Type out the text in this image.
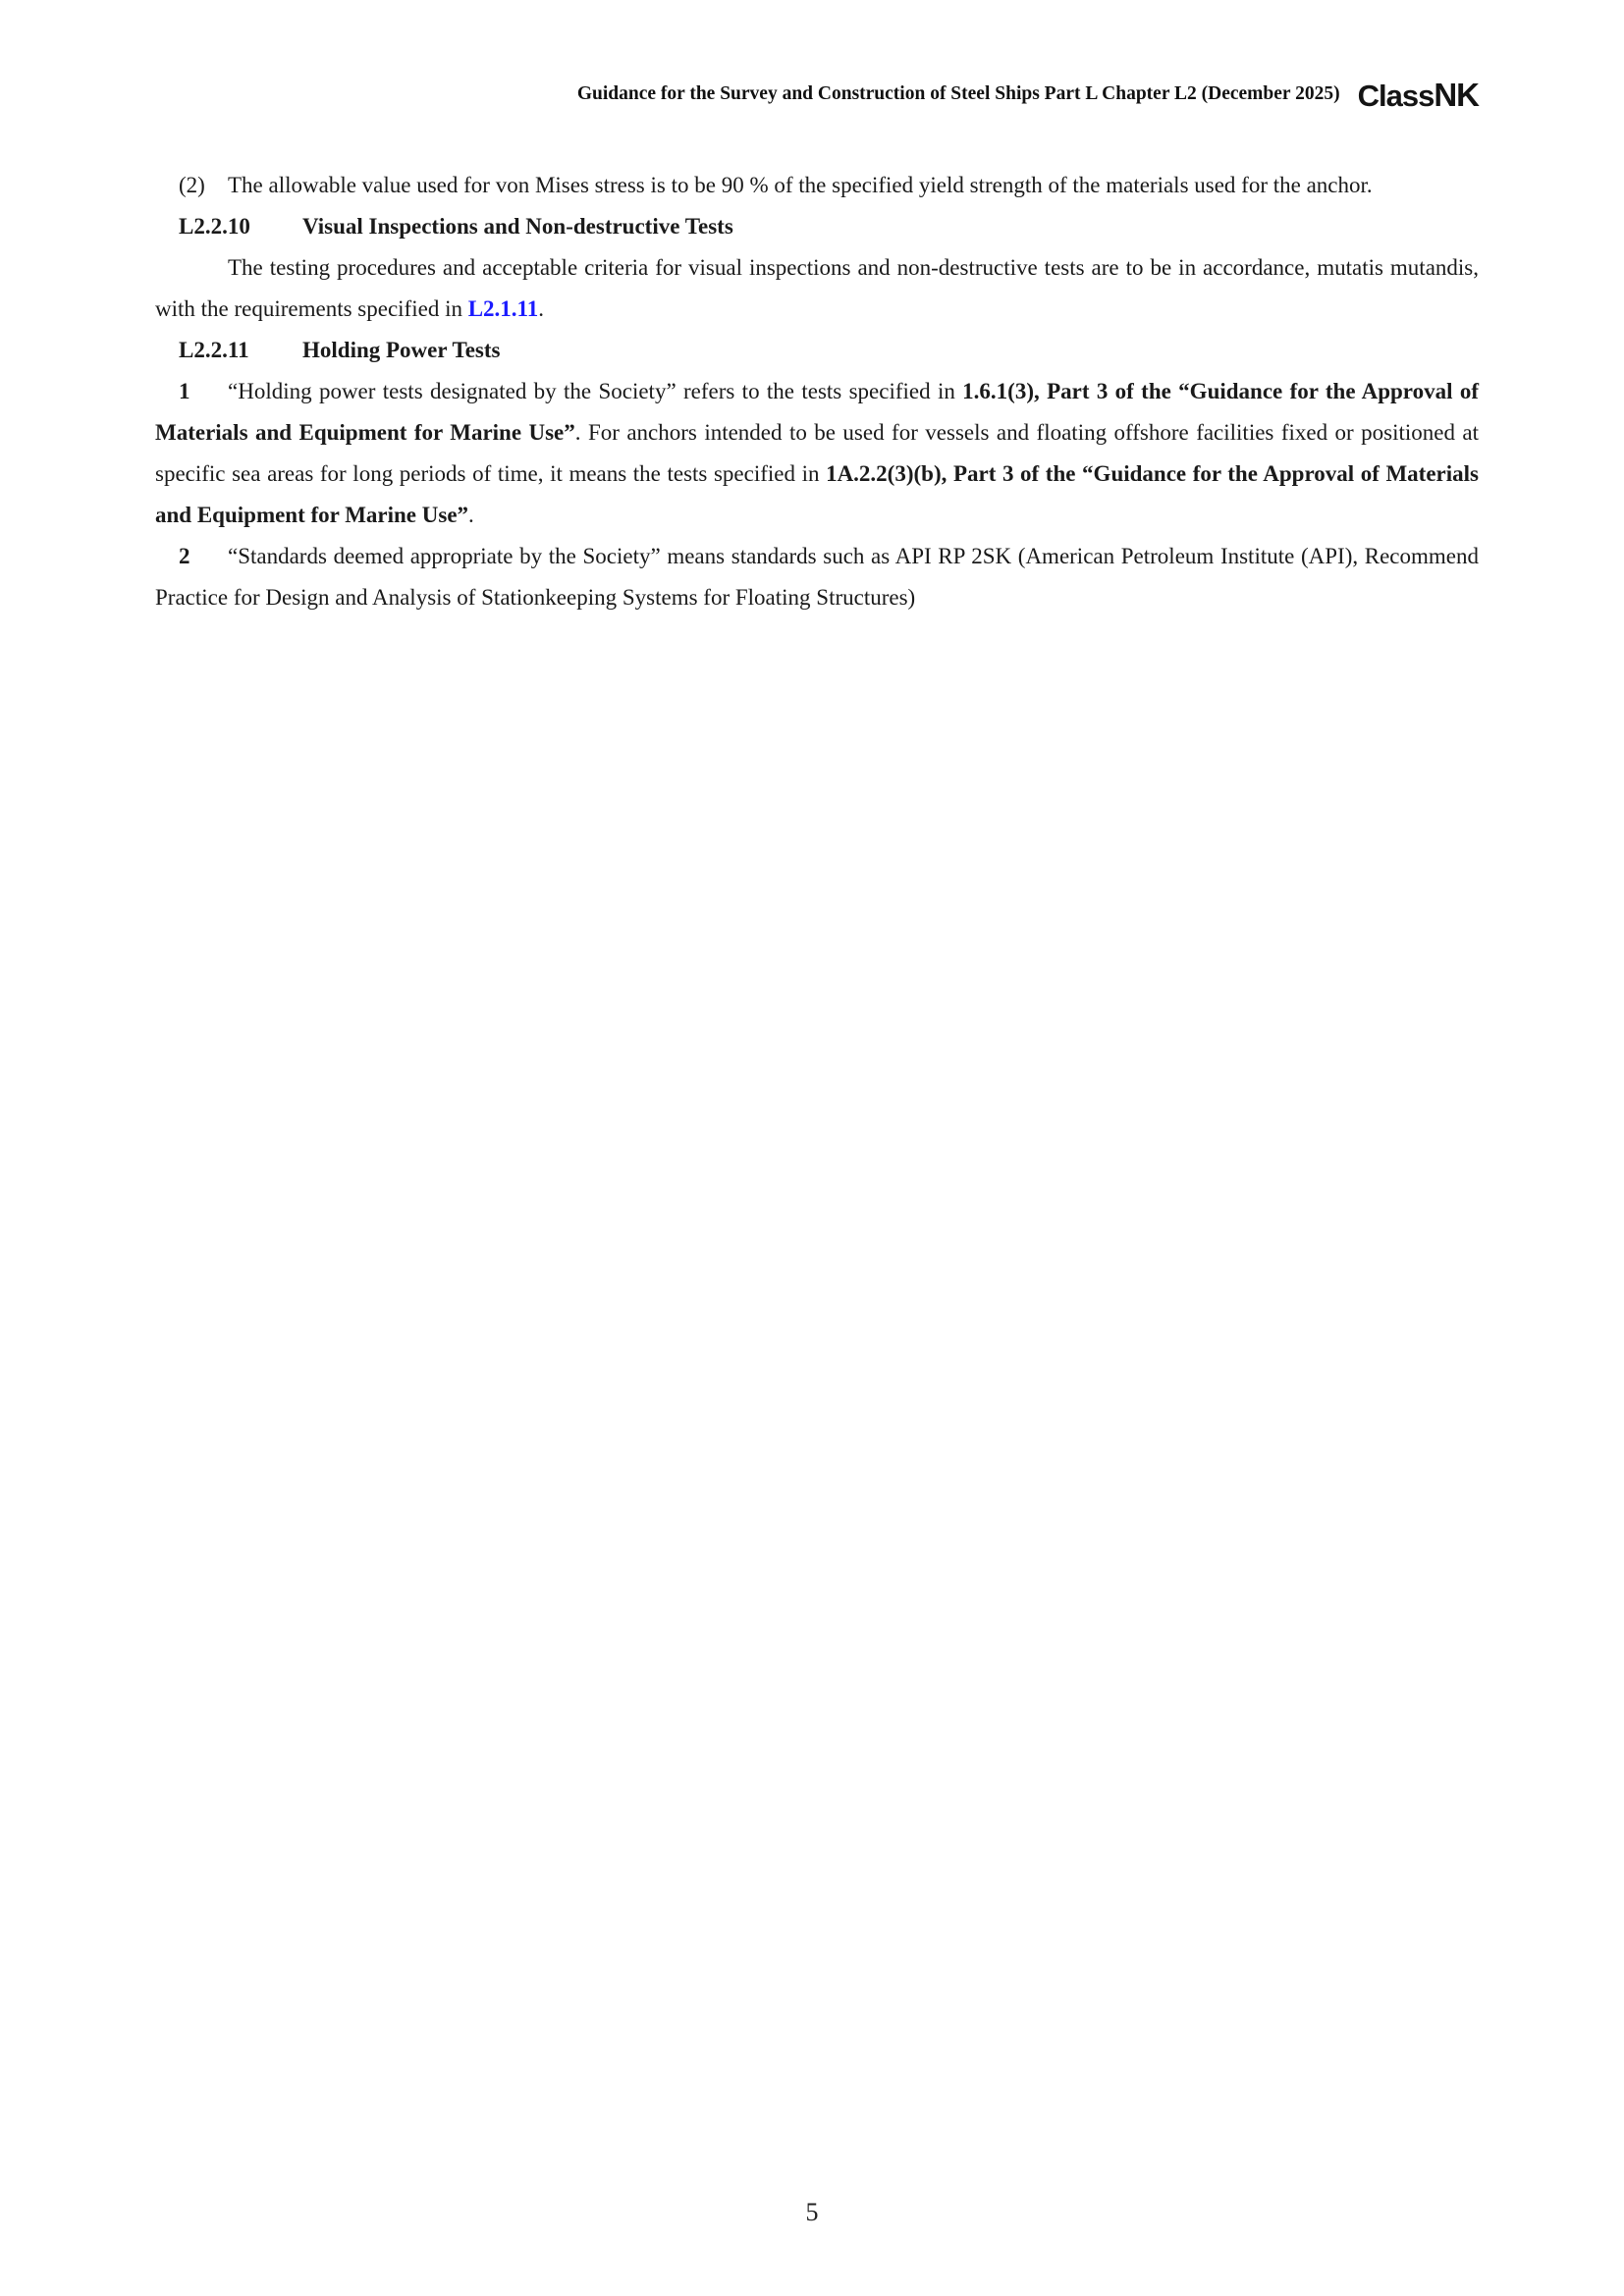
Guidance for the Survey and Construction of Steel Ships Part L Chapter L2 (December 2025) ClassNK

(2) The allowable value used for von Mises stress is to be 90 % of the specified yield strength of the materials used for the anchor.

L2.2.10 Visual Inspections and Non-destructive Tests

The testing procedures and acceptable criteria for visual inspections and non-destructive tests are to be in accordance, mutatis mutandis, with the requirements specified in L2.1.11.

L2.2.11 Holding Power Tests

1 “Holding power tests designated by the Society” refers to the tests specified in 1.6.1(3), Part 3 of the “Guidance for the Approval of Materials and Equipment for Marine Use”. For anchors intended to be used for vessels and floating offshore facilities fixed or positioned at specific sea areas for long periods of time, it means the tests specified in 1A.2.2(3)(b), Part 3 of the “Guidance for the Approval of Materials and Equipment for Marine Use”.

2 “Standards deemed appropriate by the Society” means standards such as API RP 2SK (American Petroleum Institute (API), Recommend Practice for Design and Analysis of Stationkeeping Systems for Floating Structures)

5
